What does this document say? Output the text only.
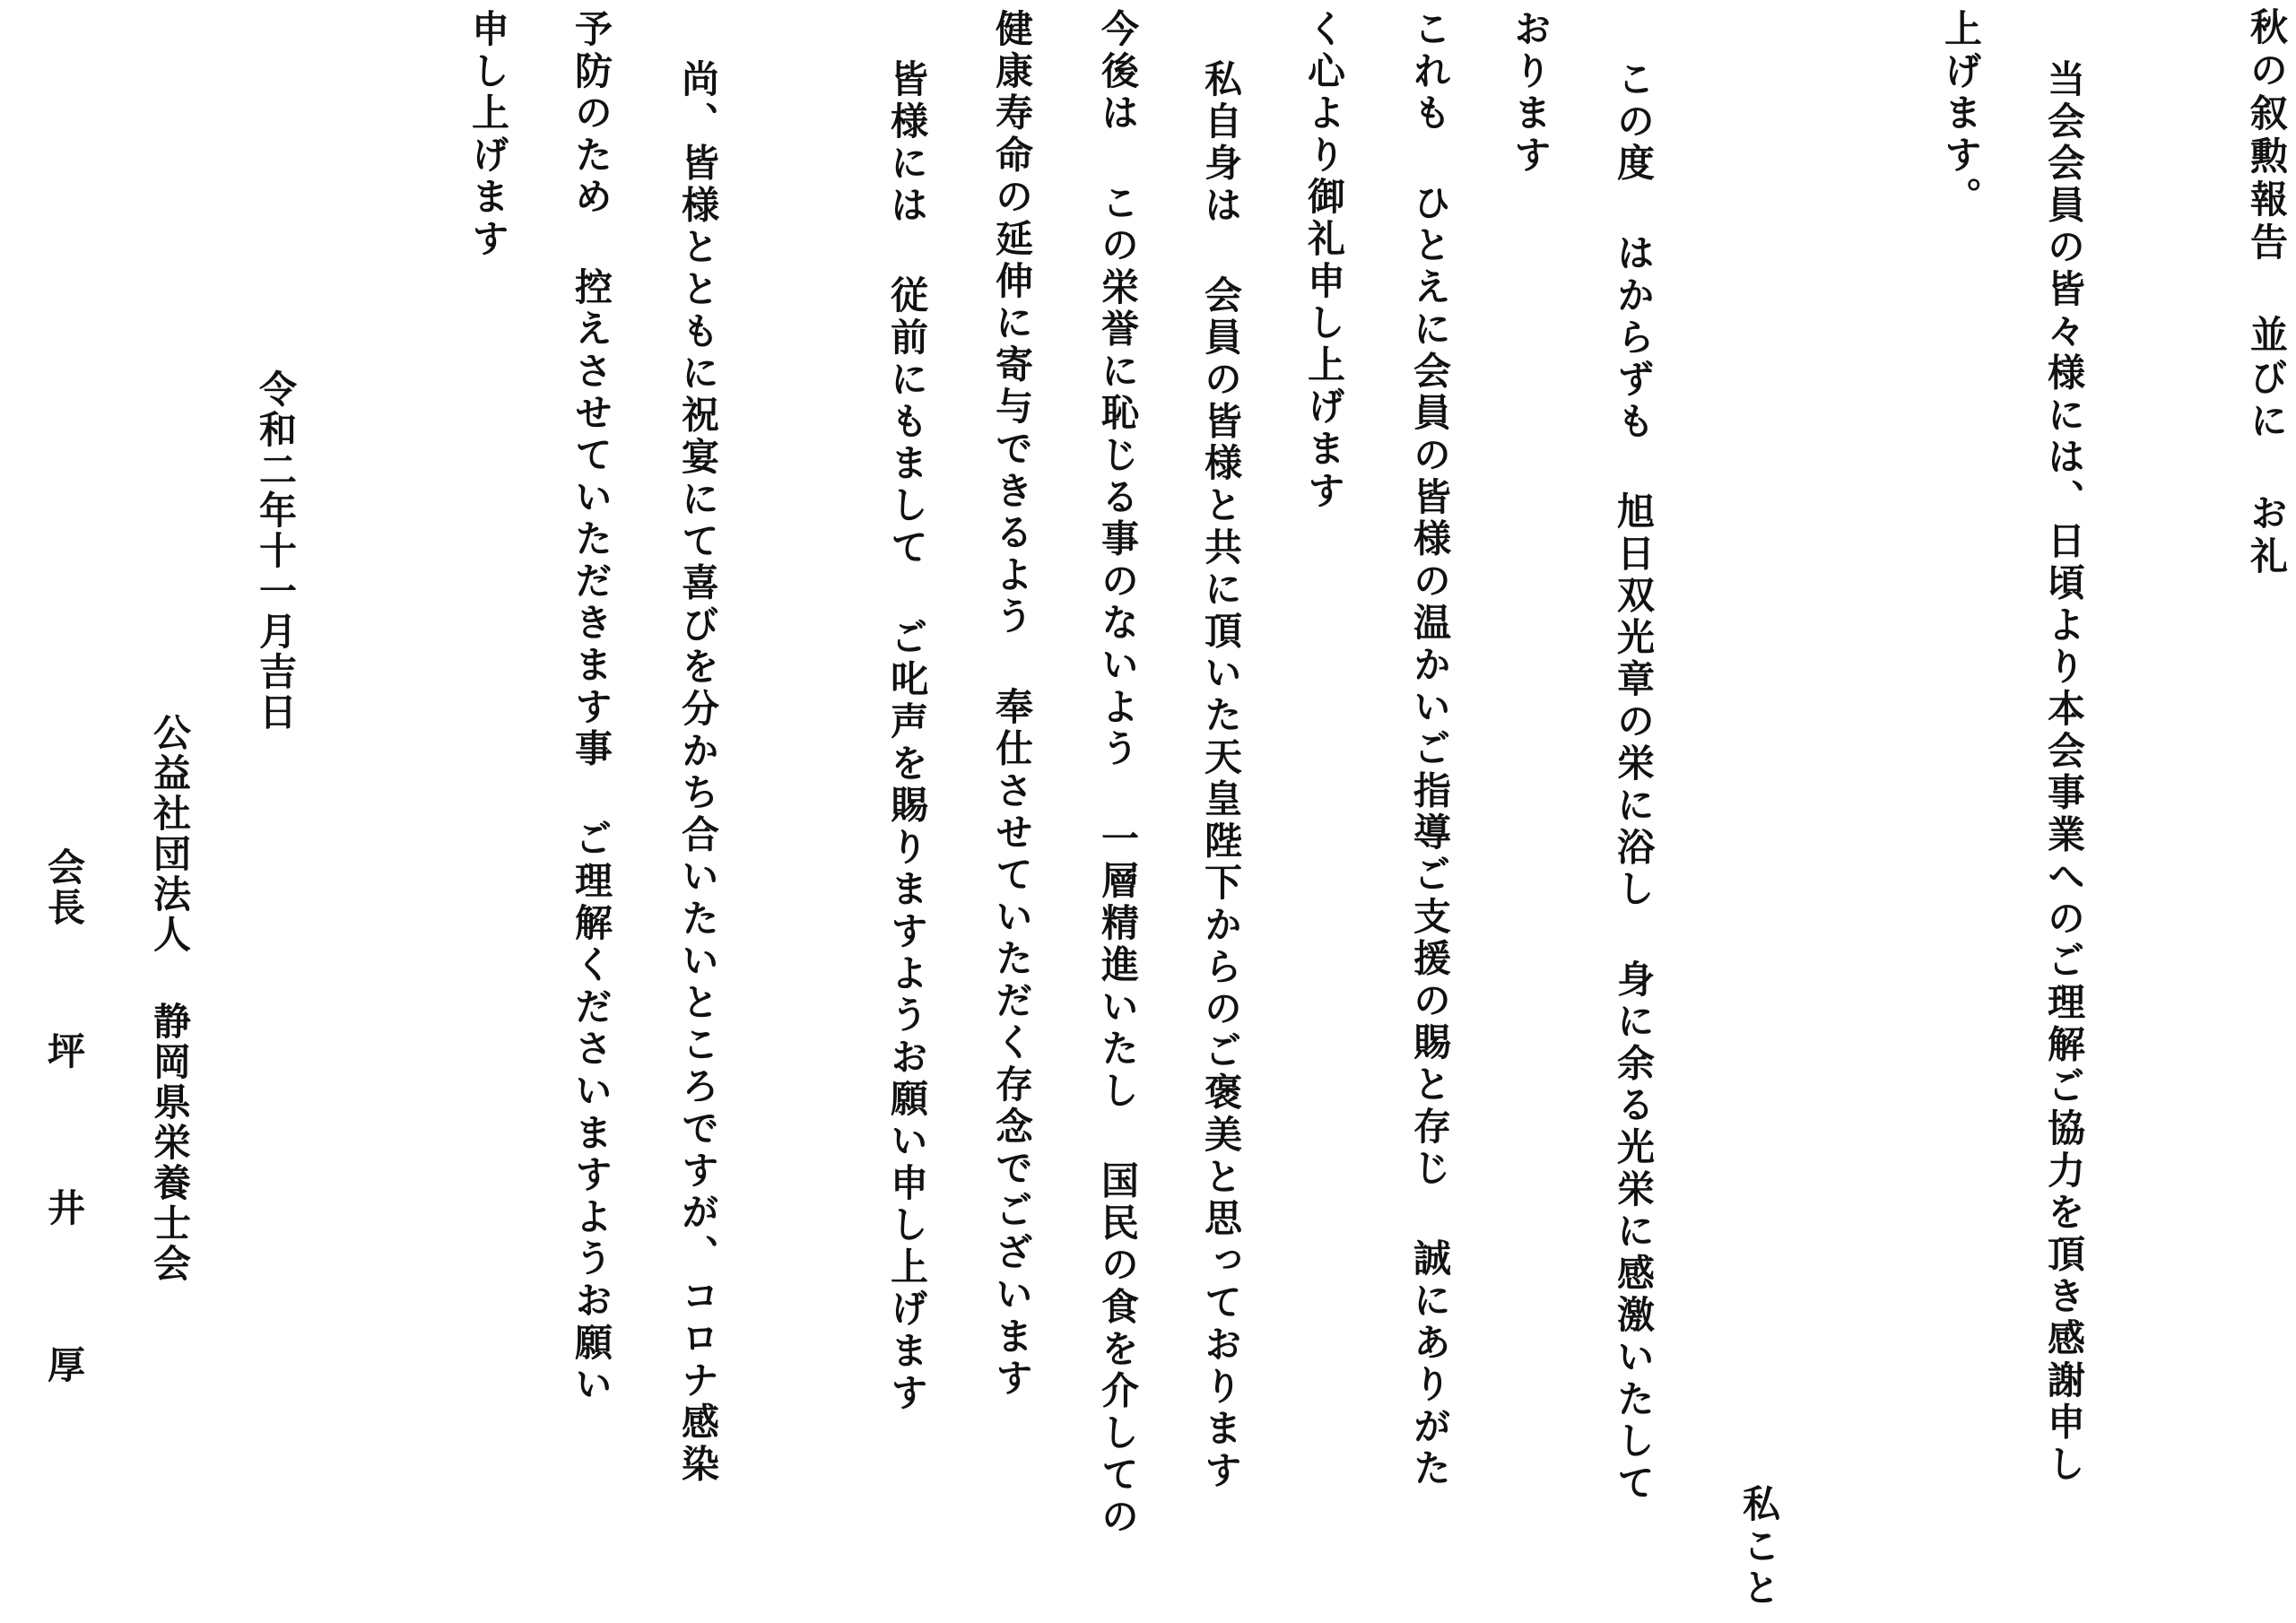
秋の叙勲報告 並びに お礼
当会会員の皆々様には、日頃より本会事業へのご理解ご協力を頂き感謝申し
上げます。
私こと
この度 はからずも 旭日双光章の栄に浴し 身に余る光栄に感激いたして
おります
これも ひとえに会員の皆様の温かいご指導ご支援の賜と存じ 誠にありがた
く心より御礼申し上げます
私自身は 会員の皆様と共に頂いた天皇陛下からのご褒美と思っております
今後は この栄誉に恥じる事のないよう 一層精進いたし 国民の食を介しての
健康寿命の延伸に寄与できるよう 奉仕させていただく存念でございます
皆様には 従前にもまして ご叱声を賜りますようお願い申し上げます
尚、皆様とともに祝宴にて喜びを分かち合いたいところですが、コロナ感染
予防のため 控えさせていただきます事 ご理解くださいますようお願い
申し上げます
令和二年十一月吉日
公益社団法人 静岡県栄養士会
会長
坪 井 厚
